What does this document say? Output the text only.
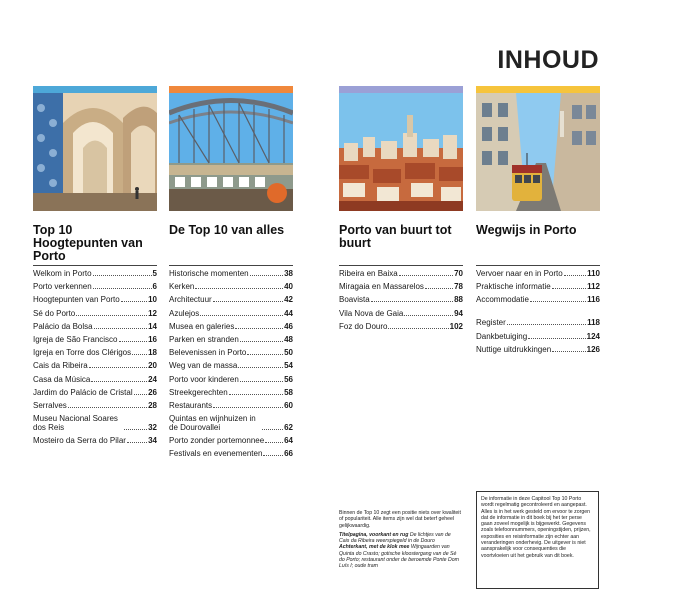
INHOUD
Top 10 Hoogtepunten van Porto
Welkom in Porto	5
Porto verkennen	6
Hoogtepunten van Porto	10
Sé do Porto	12
Palácio da Bolsa	14
Igreja de São Francisco	16
Igreja en Torre dos Clérigos 18
Cais da Ribeira	20
Casa da Música	24
Jardim do Palácio de Cristal 26
Serralves	28
Museu Nacional Soares dos Reis	32
Mosteiro da Serra do Pilar	34
De Top 10 van alles
Historische momenten	38
Kerken	40
Architectuur	42
Azulejos	44
Musea en galeries	46
Parken en stranden	48
Belevenissen in Porto	50
Weg van de massa	54
Porto voor kinderen	56
Streekgerechten	58
Restaurants	60
Quintas en wijnhuizen in de Dourovallei	62
Porto zonder portemonnee 64
Festivals en evenementen	66
Porto van buurt tot buurt
Ribeira en Baixa	70
Miragaia en Massarelos	78
Boavista	88
Vila Nova de Gaia	94
Foz do Douro	102
Wegwijs in Porto
Vervoer naar en in Porto	110
Praktische informatie	112
Accommodatie	116
Register	118
Dankbetuiging	124
Nuttige uitdrukkingen	126

Binnen de Top 10 zegt een positie niets over kwaliteit of populariteit. Alle items zijn wel dat beterf geheel gelijkwaardig.

Titelpagina, voorkant en rug De lichtjes van de Cais da Ribeira weerspiegeld in de Douro Achterkant, met de klok mee Wijngaarden van Quinta do Crasto; gotische kloostergang van de Sé do Porto; restaurant onder de beroemde Ponte Dom Luís I; oude tram

De informatie in deze Capitool Top 10 Porto wordt regelmatig gecontroleerd en aangepast. Alles is in het werk gesteld om ervoor te zorgen dat de informatie in dit boek bij het ter perse gaan zoveel mogelijk is bijgewerkt. Gegevens zoals telefoonnummers, openingstijden, prijzen, exposities en reisinformatie zijn echter aan veranderingen onderhevig. De uitgever is niet aansprakelijk voor consequenties die voortvloeien uit het gebruik van dit boek.
